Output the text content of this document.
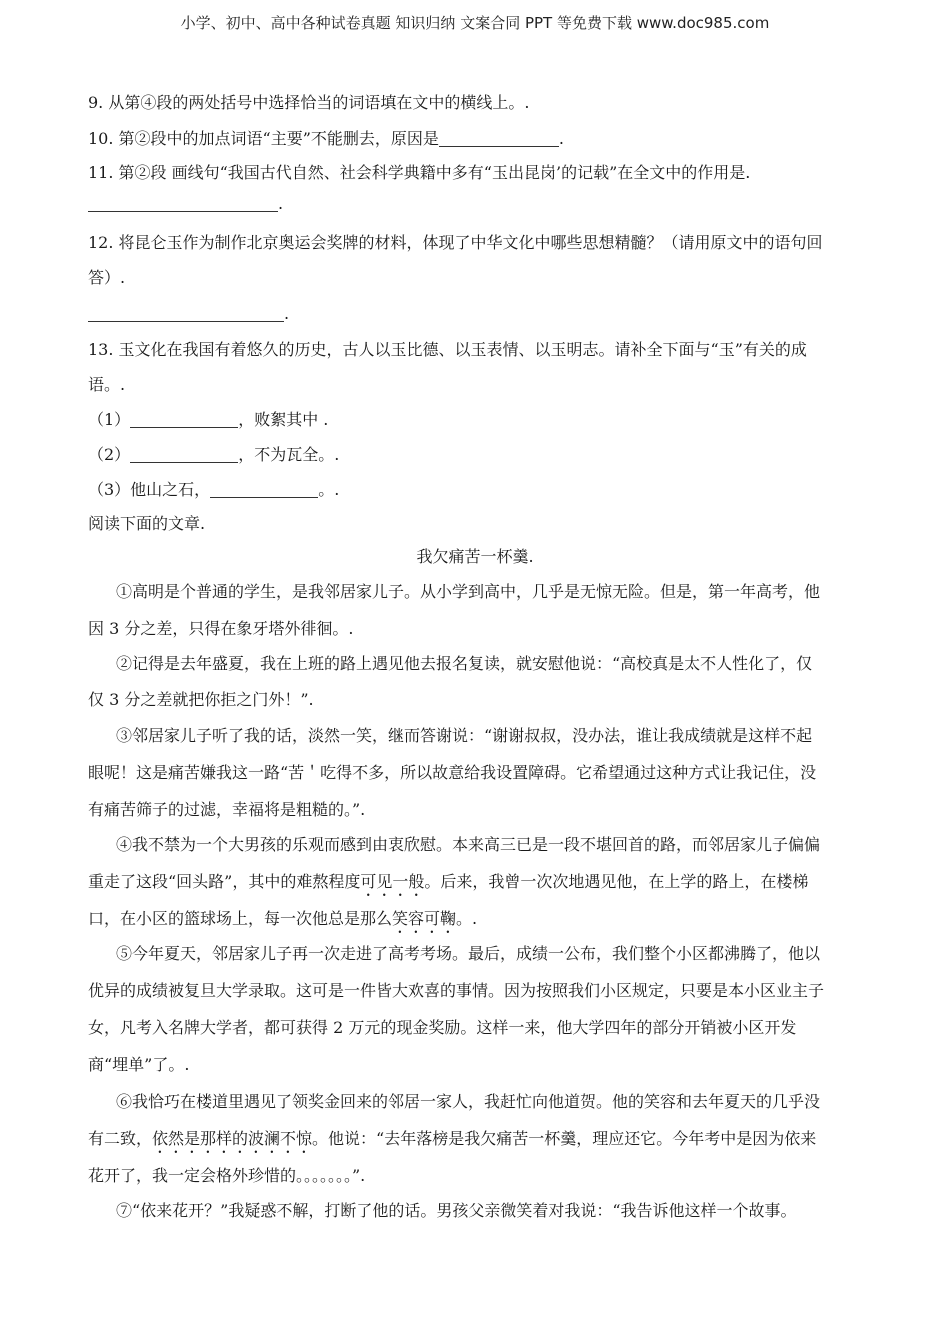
小学、初中、高中各种试卷真题 知识归纳 文案合同 PPT 等免费下载 www.doc985.com
9. 从第④段的两处括号中选择恰当的词语填在文中的横线上。.
10. 第②段中的加点词语“主要”不能删去，原因是	.
11. 第②段 画线句“我国古代自然、社会科学典籍中多有“玉出昆岗’的记载”在全文中的作用是.
.
12. 将昆仑玉作为制作北京奥运会奖牌的材料，体现了中华文化中哪些思想精髓？（请用原文中的语句回
答）.
.
13. 玉文化在我国有着悠久的历史，古人以玉比德、以玉表情、以玉明志。请补全下面与“玉”有关的成
语。.
（1）	，败絮其中 .
（2）	，不为瓦全。.
（3）他山之石，	。.
阅读下面的文章.
我欠痛苦一杯羹.
①高明是个普通的学生，是我邻居家儿子。从小学到高中，几乎是无惊无险。但是，第一年高考，他
因 3 分之差，只得在象牙塔外徘徊。.
②记得是去年盛夏，我在上班的路上遇见他去报名复读，就安慰他说：“高校真是太不人性化了，仅
仅 3 分之差就把你拒之门外！”.
③邻居家儿子听了我的话，淡然一笑，继而答谢说：“谢谢叔叔，没办法，谁让我成绩就是这样不起
眼呢！这是痛苦嫌我这一路“苦＇吃得不多，所以故意给我设置障碍。它希望通过这种方式让我记住，没
有痛苦筛子的过滤，幸福将是粗糙的。”.
④我不禁为一个大男孩的乐观而感到由衷欣慰。本来高三已是一段不堪回首的路，而邻居家儿子偏偏
重走了这段“回头路”，其中的难熬程度可见一般。后来，我曾一次次地遇见他，在上学的路上，在楼梯
口，在小区的篮球场上，每一次他总是那么笑容可鞠。.
⑤今年夏天，邻居家儿子再一次走进了高考考场。最后，成绩一公布，我们整个小区都沸腾了，他以
优异的成绩被复旦大学录取。这可是一件皆大欢喜的事情。因为按照我们小区规定，只要是本小区业主子
女，凡考入名牌大学者，都可获得 2 万元的现金奖励。这样一来，他大学四年的部分开销被小区开发
商“埋单”了。.
⑥我恰巧在楼道里遇见了领奖金回来的邻居一家人，我赶忙向他道贺。他的笑容和去年夏天的几乎没
有二致，依然是那样的波澜不惊。他说：“去年落榜是我欠痛苦一杯羹，理应还它。今年考中是因为依来
花开了，我一定会格外珍惜的。。。。。。。”.
⑦“依来花开？”我疑惑不解，打断了他的话。男孩父亲微笑着对我说：“我告诉他这样一个故事。
